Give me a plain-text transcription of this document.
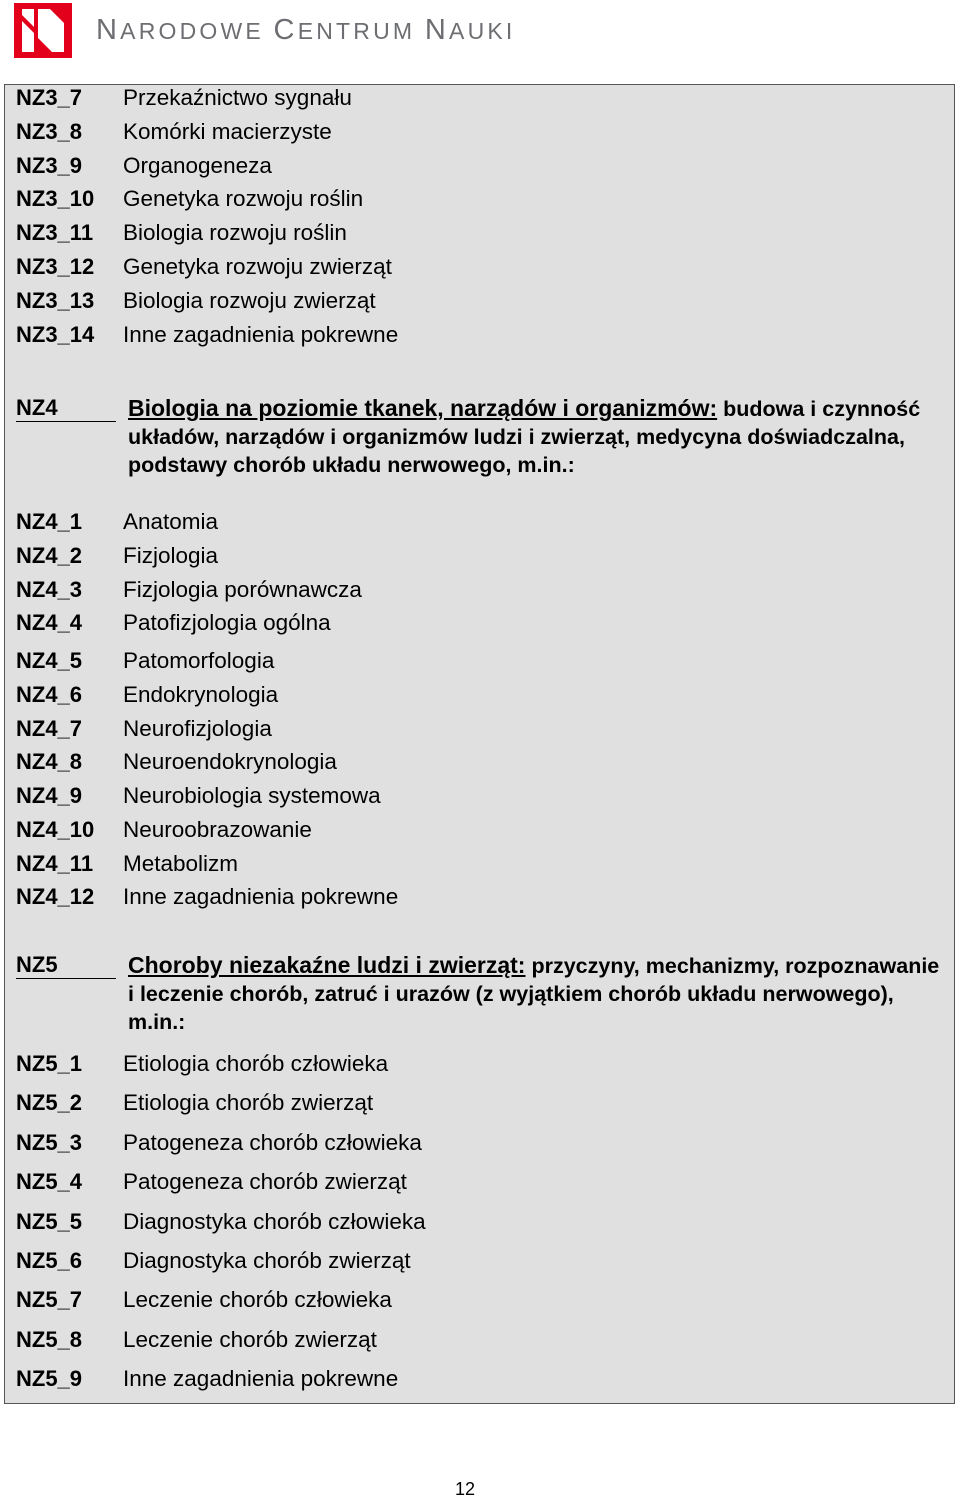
NARODOWE CENTRUM NAUKI
NZ3_7 Przekaźnictwo sygnału
NZ3_8 Komórki macierzyste
NZ3_9 Organogeneza
NZ3_10 Genetyka rozwoju roślin
NZ3_11 Biologia rozwoju roślin
NZ3_12 Genetyka rozwoju zwierząt
NZ3_13 Biologia rozwoju zwierząt
NZ3_14 Inne zagadnienia pokrewne
NZ4	Biologia na poziomie tkanek, narządów i organizmów: budowa i czynność układów, narządów i organizmów ludzi i zwierząt, medycyna doświadczalna, podstawy chorób układu nerwowego, m.in.:
NZ4_1 Anatomia
NZ4_2 Fizjologia
NZ4_3 Fizjologia porównawcza
NZ4_4 Patofizjologia ogólna
NZ4_5 Patomorfologia
NZ4_6 Endokrynologia
NZ4_7 Neurofizjologia
NZ4_8 Neuroendokrynologia
NZ4_9 Neurobiologia systemowa
NZ4_10 Neuroobrazowanie
NZ4_11 Metabolizm
NZ4_12 Inne zagadnienia pokrewne
NZ5	Choroby niezakaźne ludzi i zwierząt: przyczyny, mechanizmy, rozpoznawanie i leczenie chorób, zatruć i urazów (z wyjątkiem chorób układu nerwowego), m.in.:
NZ5_1 Etiologia chorób człowieka
NZ5_2 Etiologia chorób zwierząt
NZ5_3 Patogeneza chorób człowieka
NZ5_4 Patogeneza chorób zwierząt
NZ5_5 Diagnostyka chorób człowieka
NZ5_6 Diagnostyka chorób zwierząt
NZ5_7 Leczenie chorób człowieka
NZ5_8 Leczenie chorób zwierząt
NZ5_9 Inne zagadnienia pokrewne
12
